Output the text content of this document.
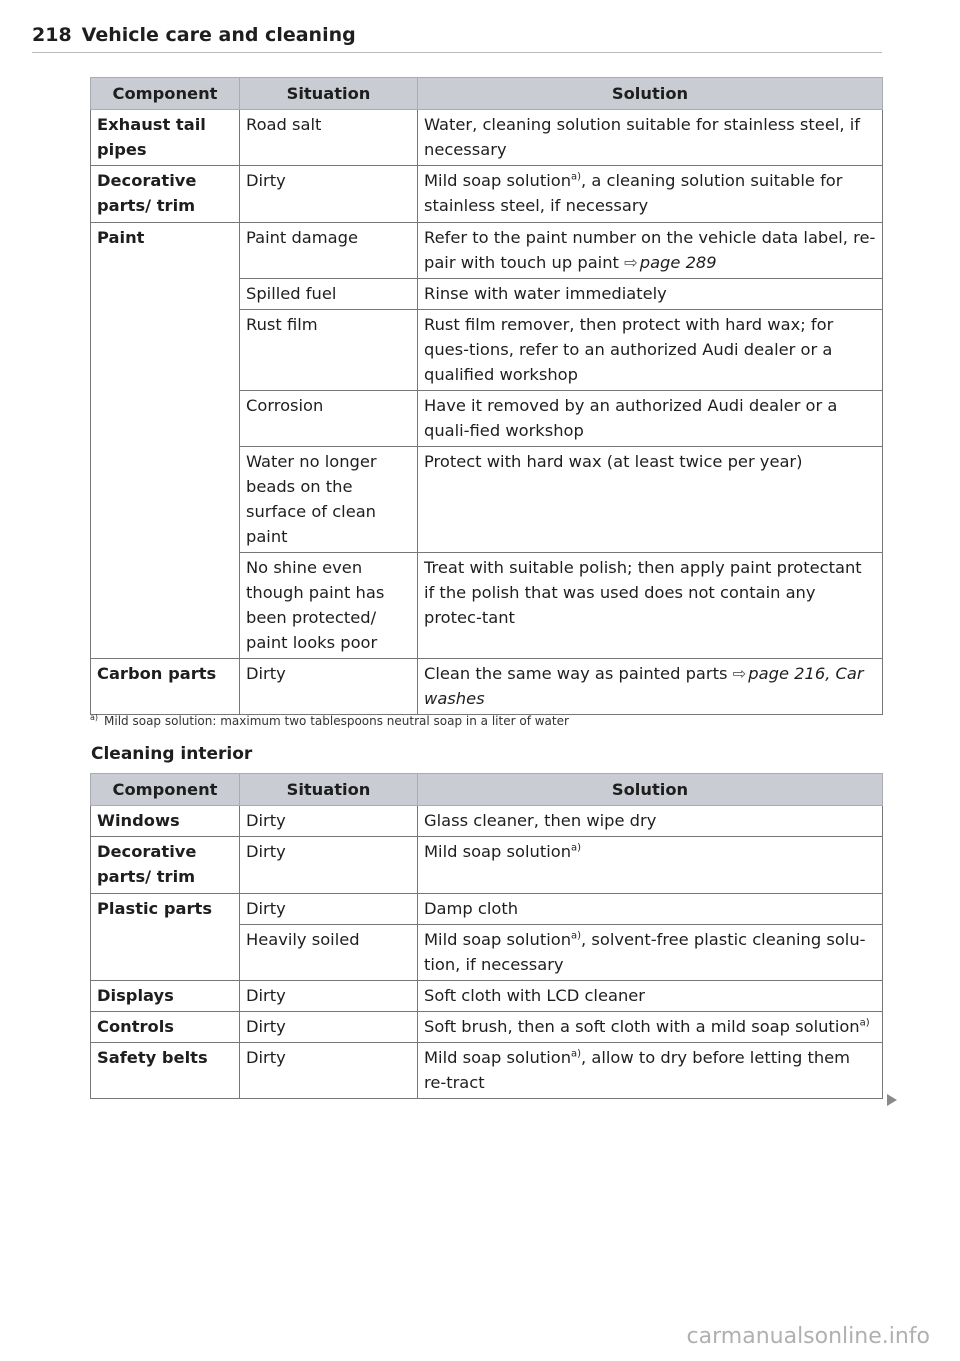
218 Vehicle care and cleaning
Component	Situation	Solution
Exhaust tail pipes	Road salt	Water, cleaning solution suitable for stainless steel, if necessary
Decorative parts/ trim	Dirty	Mild soap solution$^{a)}$, a cleaning solution suitable for stainless steel, if necessary
Paint	Paint damage	Refer to the paint number on the vehicle data label, re-pair with touch up paint ⇨ page 289
	Spilled fuel	Rinse with water immediately
	Rust film	Rust film remover, then protect with hard wax; for ques-tions, refer to an authorized Audi dealer or a qualified workshop
	Corrosion	Have it removed by an authorized Audi dealer or a quali-fied workshop
	Water no longer beads on the surface of clean paint	Protect with hard wax (at least twice per year)
	No shine even though paint has been protected/ paint looks poor	Treat with suitable polish; then apply paint protectant if the polish that was used does not contain any protec-tant
Carbon parts	Dirty	Clean the same way as painted parts ⇨ page 216, Car washes
$^{a)}$ Mild soap solution: maximum two tablespoons neutral soap in a liter of water
Cleaning interior
Component	Situation	Solution
Windows	Dirty	Glass cleaner, then wipe dry
Decorative parts/ trim	Dirty	Mild soap solution$^{a)}$
Plastic parts	Dirty	Damp cloth
	Heavily soiled	Mild soap solution$^{a)}$, solvent-free plastic cleaning solu-tion, if necessary
Displays	Dirty	Soft cloth with LCD cleaner
Controls	Dirty	Soft brush, then a soft cloth with a mild soap solution$^{a)}$
Safety belts	Dirty	Mild soap solution$^{a)}$, allow to dry before letting them re-tract
carmanualsonline.info
